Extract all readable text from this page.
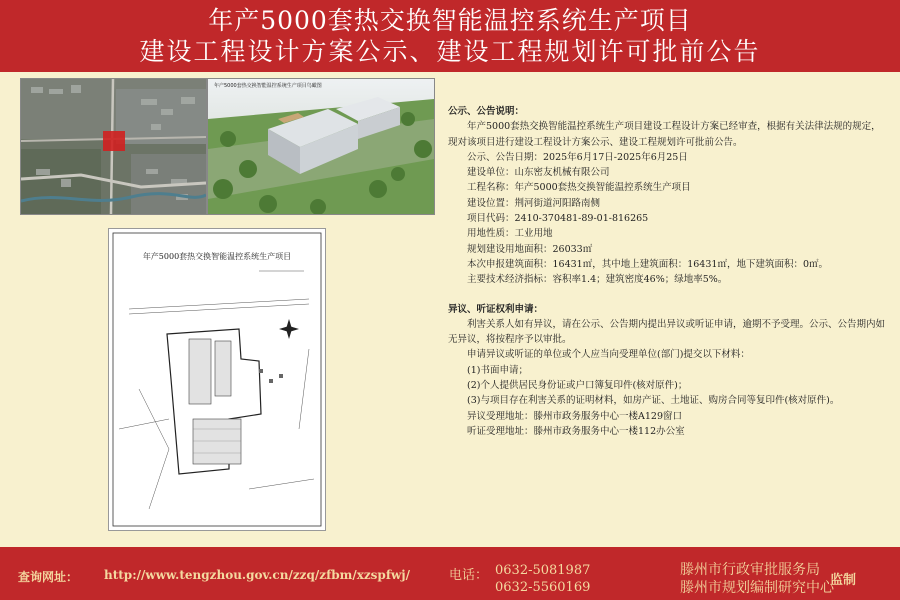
年产5000套热交换智能温控系统生产项目
建设工程设计方案公示、建设工程规划许可批前公告
年产5000套热交换智能温控系统生产项目鸟瞰图
年产5000套热交换智能温控系统生产项目
公示、公告说明：

年产5000套热交换智能温控系统生产项目建设工程设计方案已经审查，根据有关法律法规的规定，现对该项目进行建设工程设计方案公示、建设工程规划许可批前公告。

公示、公告日期：2025年6月17日-2025年6月25日
建设单位：山东密友机械有限公司
工程名称：年产5000套热交换智能温控系统生产项目
建设位置：荆河街道河阳路南侧
项目代码：2410-370481-89-01-816265
用地性质：工业用地
规划建设用地面积：26033㎡
本次申报建筑面积：16431㎡，其中地上建筑面积：16431㎡，地下建筑面积：0㎡。
主要技术经济指标：容积率1.4；建筑密度46%；绿地率5%。
异议、听证权利申请：

利害关系人如有异议，请在公示、公告期内提出异议或听证申请，逾期不予受理。公示、公告期内如无异议，将按程序予以审批。

申请异议或听证的单位或个人应当向受理单位(部门)提交以下材料：
(1)书面申请；
(2)个人提供居民身份证或户口簿复印件(核对原件)；
(3)与项目存在利害关系的证明材料，如房产证、土地证、购房合同等复印件(核对原件)。
异议受理地址：滕州市政务服务中心一楼A129窗口
听证受理地址：滕州市政务服务中心一楼112办公室
查询网址： http://www.tengzhou.gov.cn/zzq/zfbm/xzspfwj/	电话： 0632-5081987
0632-5560169
滕州市行政审批服务局
滕州市规划编制研究中心
监制
